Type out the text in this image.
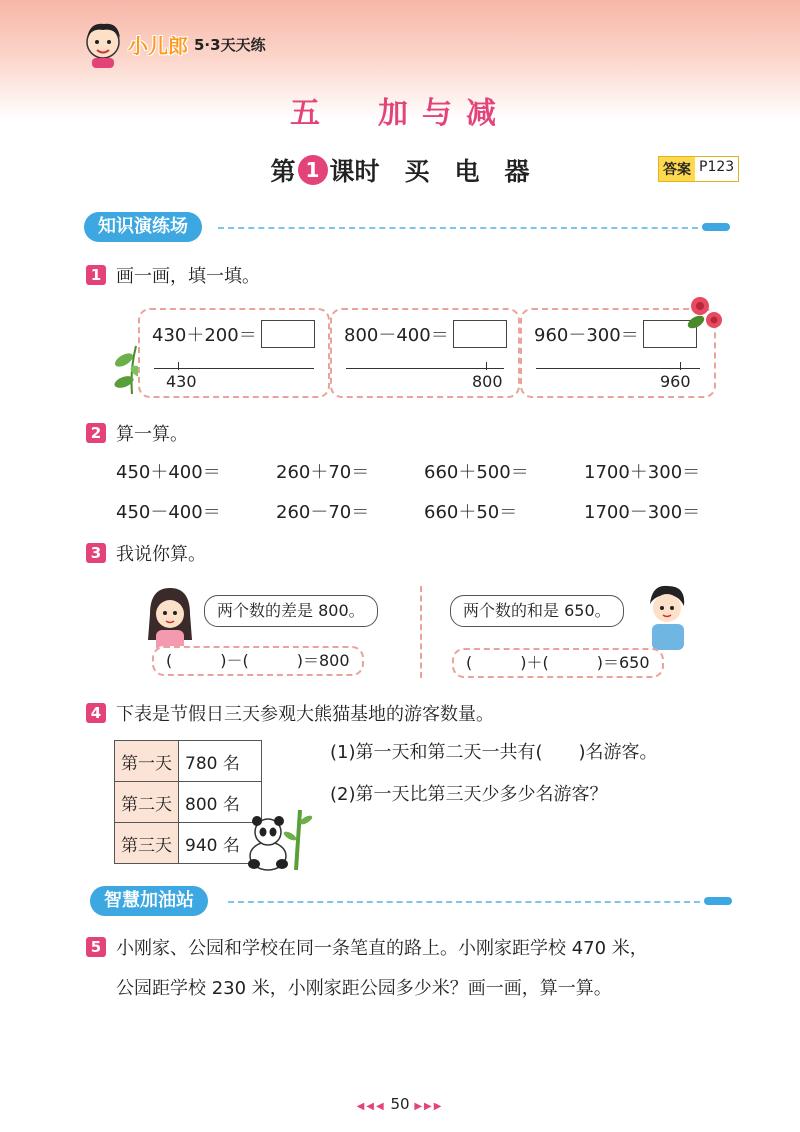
小儿郎 5·3天天练
五　加与减
第 1 课时　买　电　器	答案 P123
知识演练场
1 画一画，填一填。
430＋200＝
430
800－400＝
800
960－300＝
960
2 算一算。
450＋400＝	260＋70＝	660＋500＝	1700＋300＝
450－400＝	260－70＝	660＋50＝	1700－300＝
3 我说你算。
两个数的差是 800。
(　　　)－(　　　)＝800
两个数的和是 650。
(　　　)＋(　　　)＝650
4 下表是节假日三天参观大熊猫基地的游客数量。
第一天	780 名
第二天	800 名
第三天	940 名
(1)第一天和第二天一共有(　　)名游客。
(2)第一天比第三天少多少名游客？
智慧加油站
5 小刚家、公园和学校在同一条笔直的路上。小刚家距学校 470 米，
公园距学校 230 米，小刚家距公园多少米？画一画，算一算。
◀◀◀ 50 ▶▶▶
